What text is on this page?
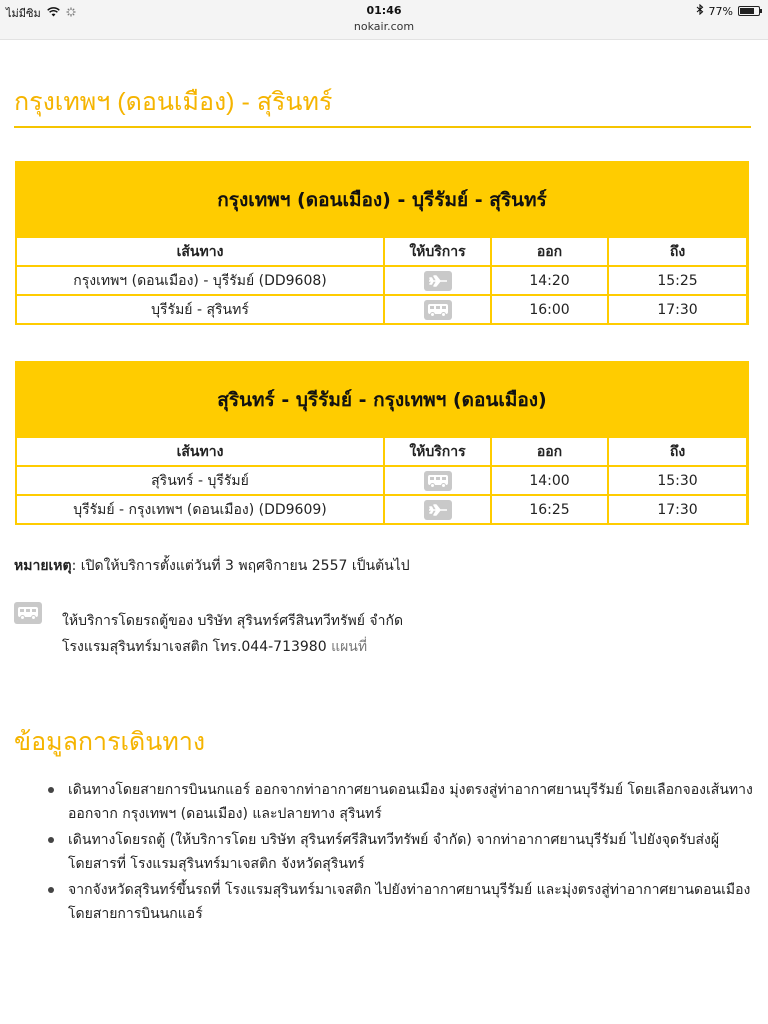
ไม่มีซิม	01:46
nokair.com
77%
กรุงเทพฯ (ดอนเมือง) - สุรินทร์
กรุงเทพฯ (ดอนเมือง) - บุรีรัมย์ - สุรินทร์
เส้นทาง	ให้บริการ	ออก	ถึง
กรุงเทพฯ (ดอนเมือง) - บุรีรัมย์ (DD9608)	14:20	15:25
บุรีรัมย์ - สุรินทร์	16:00	17:30
สุรินทร์ - บุรีรัมย์ - กรุงเทพฯ (ดอนเมือง)
เส้นทาง	ให้บริการ	ออก	ถึง
สุรินทร์ - บุรีรัมย์	14:00	15:30
บุรีรัมย์ - กรุงเทพฯ (ดอนเมือง) (DD9609)	16:25	17:30
หมายเหตุ: เปิดให้บริการตั้งแต่วันที่ 3 พฤศจิกายน 2557 เป็นต้นไป
ให้บริการโดยรถตู้ของ บริษัท สุรินทร์ศรีสินทวีทรัพย์ จำกัด
โรงแรมสุรินทร์มาเจสติก โทร.044-713980 แผนที่
ข้อมูลการเดินทาง
เดินทางโดยสายการบินนกแอร์ ออกจากท่าอากาศยานดอนเมือง มุ่งตรงสู่ท่าอากาศยานบุรีรัมย์ โดยเลือกจองเส้นทาง ออกจาก กรุงเทพฯ (ดอนเมือง) และปลายทาง สุรินทร์
เดินทางโดยรถตู้ (ให้บริการโดย บริษัท สุรินทร์ศรีสินทวีทรัพย์ จำกัด) จากท่าอากาศยานบุรีรัมย์ ไปยังจุดรับส่งผู้โดยสารที่ โรงแรมสุรินทร์มาเจสติก จังหวัดสุรินทร์
จากจังหวัดสุรินทร์ขึ้นรถที่ โรงแรมสุรินทร์มาเจสติก ไปยังท่าอากาศยานบุรีรัมย์ และมุ่งตรงสู่ท่าอากาศยานดอนเมือง โดยสายการบินนกแอร์
